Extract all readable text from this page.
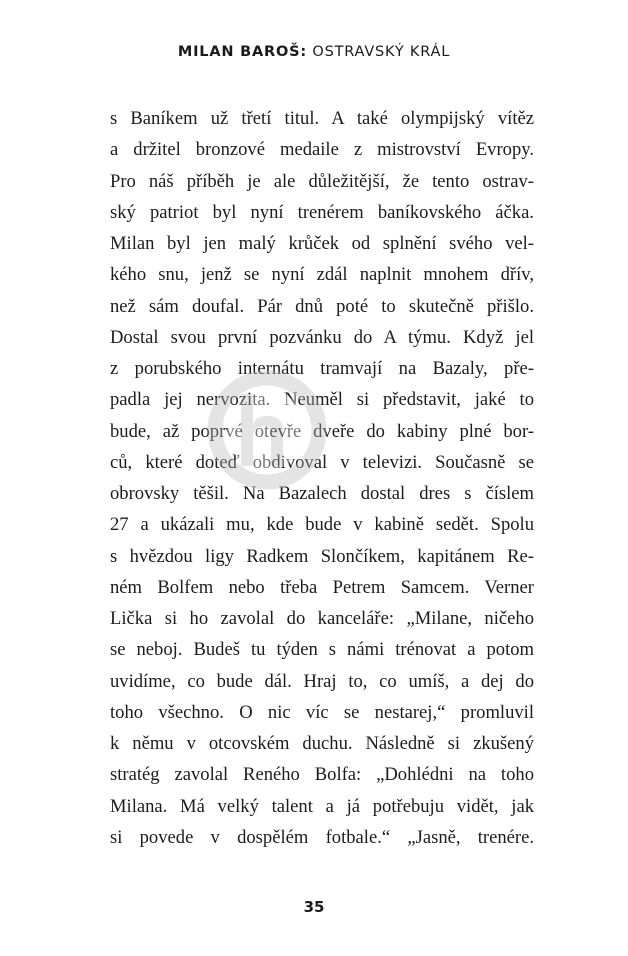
MILAN BAROŠ: OSTRAVSKÝ KRÁL
s Baníkem už třetí titul. A také olympijský vítěz
a držitel bronzové medaile z mistrovství Evropy.
Pro náš příběh je ale důležitější, že tento ostrav-
ský patriot byl nyní trenérem baníkovského áčka.
Milan byl jen malý krůček od splnění svého vel-
kého snu, jenž se nyní zdál naplnit mnohem dřív,
než sám doufal. Pár dnů poté to skutečně přišlo.
Dostal svou první pozvánku do A týmu. Když jel
z porubského internátu tramvají na Bazaly, pře-
padla jej nervozita. Neuměl si představit, jaké to
bude, až poprvé otevře dveře do kabiny plné bor-
ců, které doteď obdivoval v televizi. Současně se
obrovsky těšil. Na Bazalech dostal dres s číslem
27 a ukázali mu, kde bude v kabině sedět. Spolu
s hvězdou ligy Radkem Slončíkem, kapitánem Re-
ném Bolfem nebo třeba Petrem Samcem. Verner
Lička si ho zavolal do kanceláře: „Milane, ničeho
se neboj. Budeš tu týden s námi trénovat a potom
uvidíme, co bude dál. Hraj to, co umíš, a dej do
toho všechno. O nic víc se nestarej,“ promluvil
k němu v otcovském duchu. Následně si zkušený
stratég zavolal Reného Bolfa: „Dohlédni na toho
Milana. Má velký talent a já potřebuju vidět, jak
si povede v dospělém fotbale.“ „Jasně, trenére.
35
